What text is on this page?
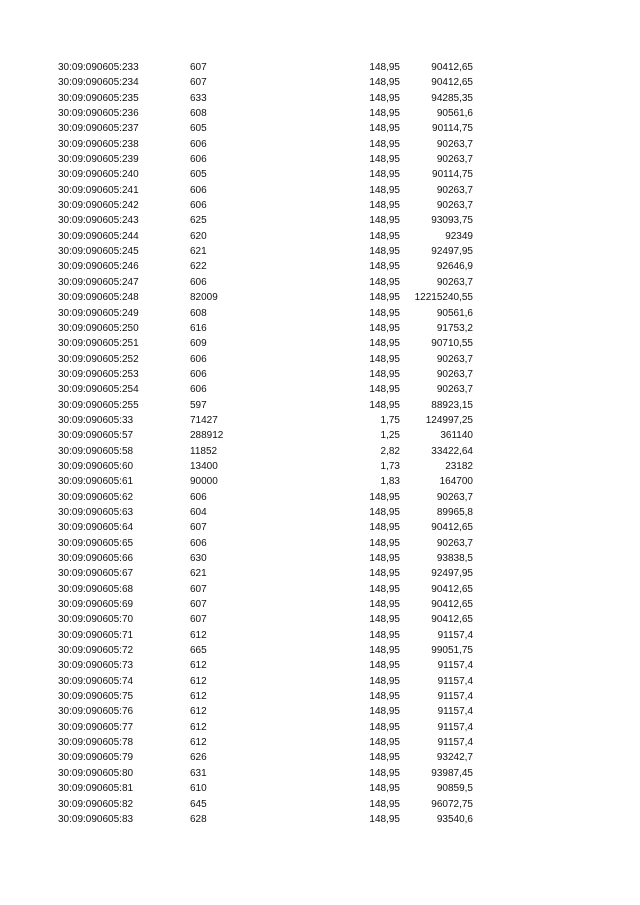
30:09:090605:233	607	148,95	90412,65
30:09:090605:234	607	148,95	90412,65
30:09:090605:235	633	148,95	94285,35
30:09:090605:236	608	148,95	90561,6
30:09:090605:237	605	148,95	90114,75
30:09:090605:238	606	148,95	90263,7
30:09:090605:239	606	148,95	90263,7
30:09:090605:240	605	148,95	90114,75
30:09:090605:241	606	148,95	90263,7
30:09:090605:242	606	148,95	90263,7
30:09:090605:243	625	148,95	93093,75
30:09:090605:244	620	148,95	92349
30:09:090605:245	621	148,95	92497,95
30:09:090605:246	622	148,95	92646,9
30:09:090605:247	606	148,95	90263,7
30:09:090605:248	82009	148,95	12215240,55
30:09:090605:249	608	148,95	90561,6
30:09:090605:250	616	148,95	91753,2
30:09:090605:251	609	148,95	90710,55
30:09:090605:252	606	148,95	90263,7
30:09:090605:253	606	148,95	90263,7
30:09:090605:254	606	148,95	90263,7
30:09:090605:255	597	148,95	88923,15
30:09:090605:33	71427	1,75	124997,25
30:09:090605:57	288912	1,25	361140
30:09:090605:58	11852	2,82	33422,64
30:09:090605:60	13400	1,73	23182
30:09:090605:61	90000	1,83	164700
30:09:090605:62	606	148,95	90263,7
30:09:090605:63	604	148,95	89965,8
30:09:090605:64	607	148,95	90412,65
30:09:090605:65	606	148,95	90263,7
30:09:090605:66	630	148,95	93838,5
30:09:090605:67	621	148,95	92497,95
30:09:090605:68	607	148,95	90412,65
30:09:090605:69	607	148,95	90412,65
30:09:090605:70	607	148,95	90412,65
30:09:090605:71	612	148,95	91157,4
30:09:090605:72	665	148,95	99051,75
30:09:090605:73	612	148,95	91157,4
30:09:090605:74	612	148,95	91157,4
30:09:090605:75	612	148,95	91157,4
30:09:090605:76	612	148,95	91157,4
30:09:090605:77	612	148,95	91157,4
30:09:090605:78	612	148,95	91157,4
30:09:090605:79	626	148,95	93242,7
30:09:090605:80	631	148,95	93987,45
30:09:090605:81	610	148,95	90859,5
30:09:090605:82	645	148,95	96072,75
30:09:090605:83	628	148,95	93540,6
